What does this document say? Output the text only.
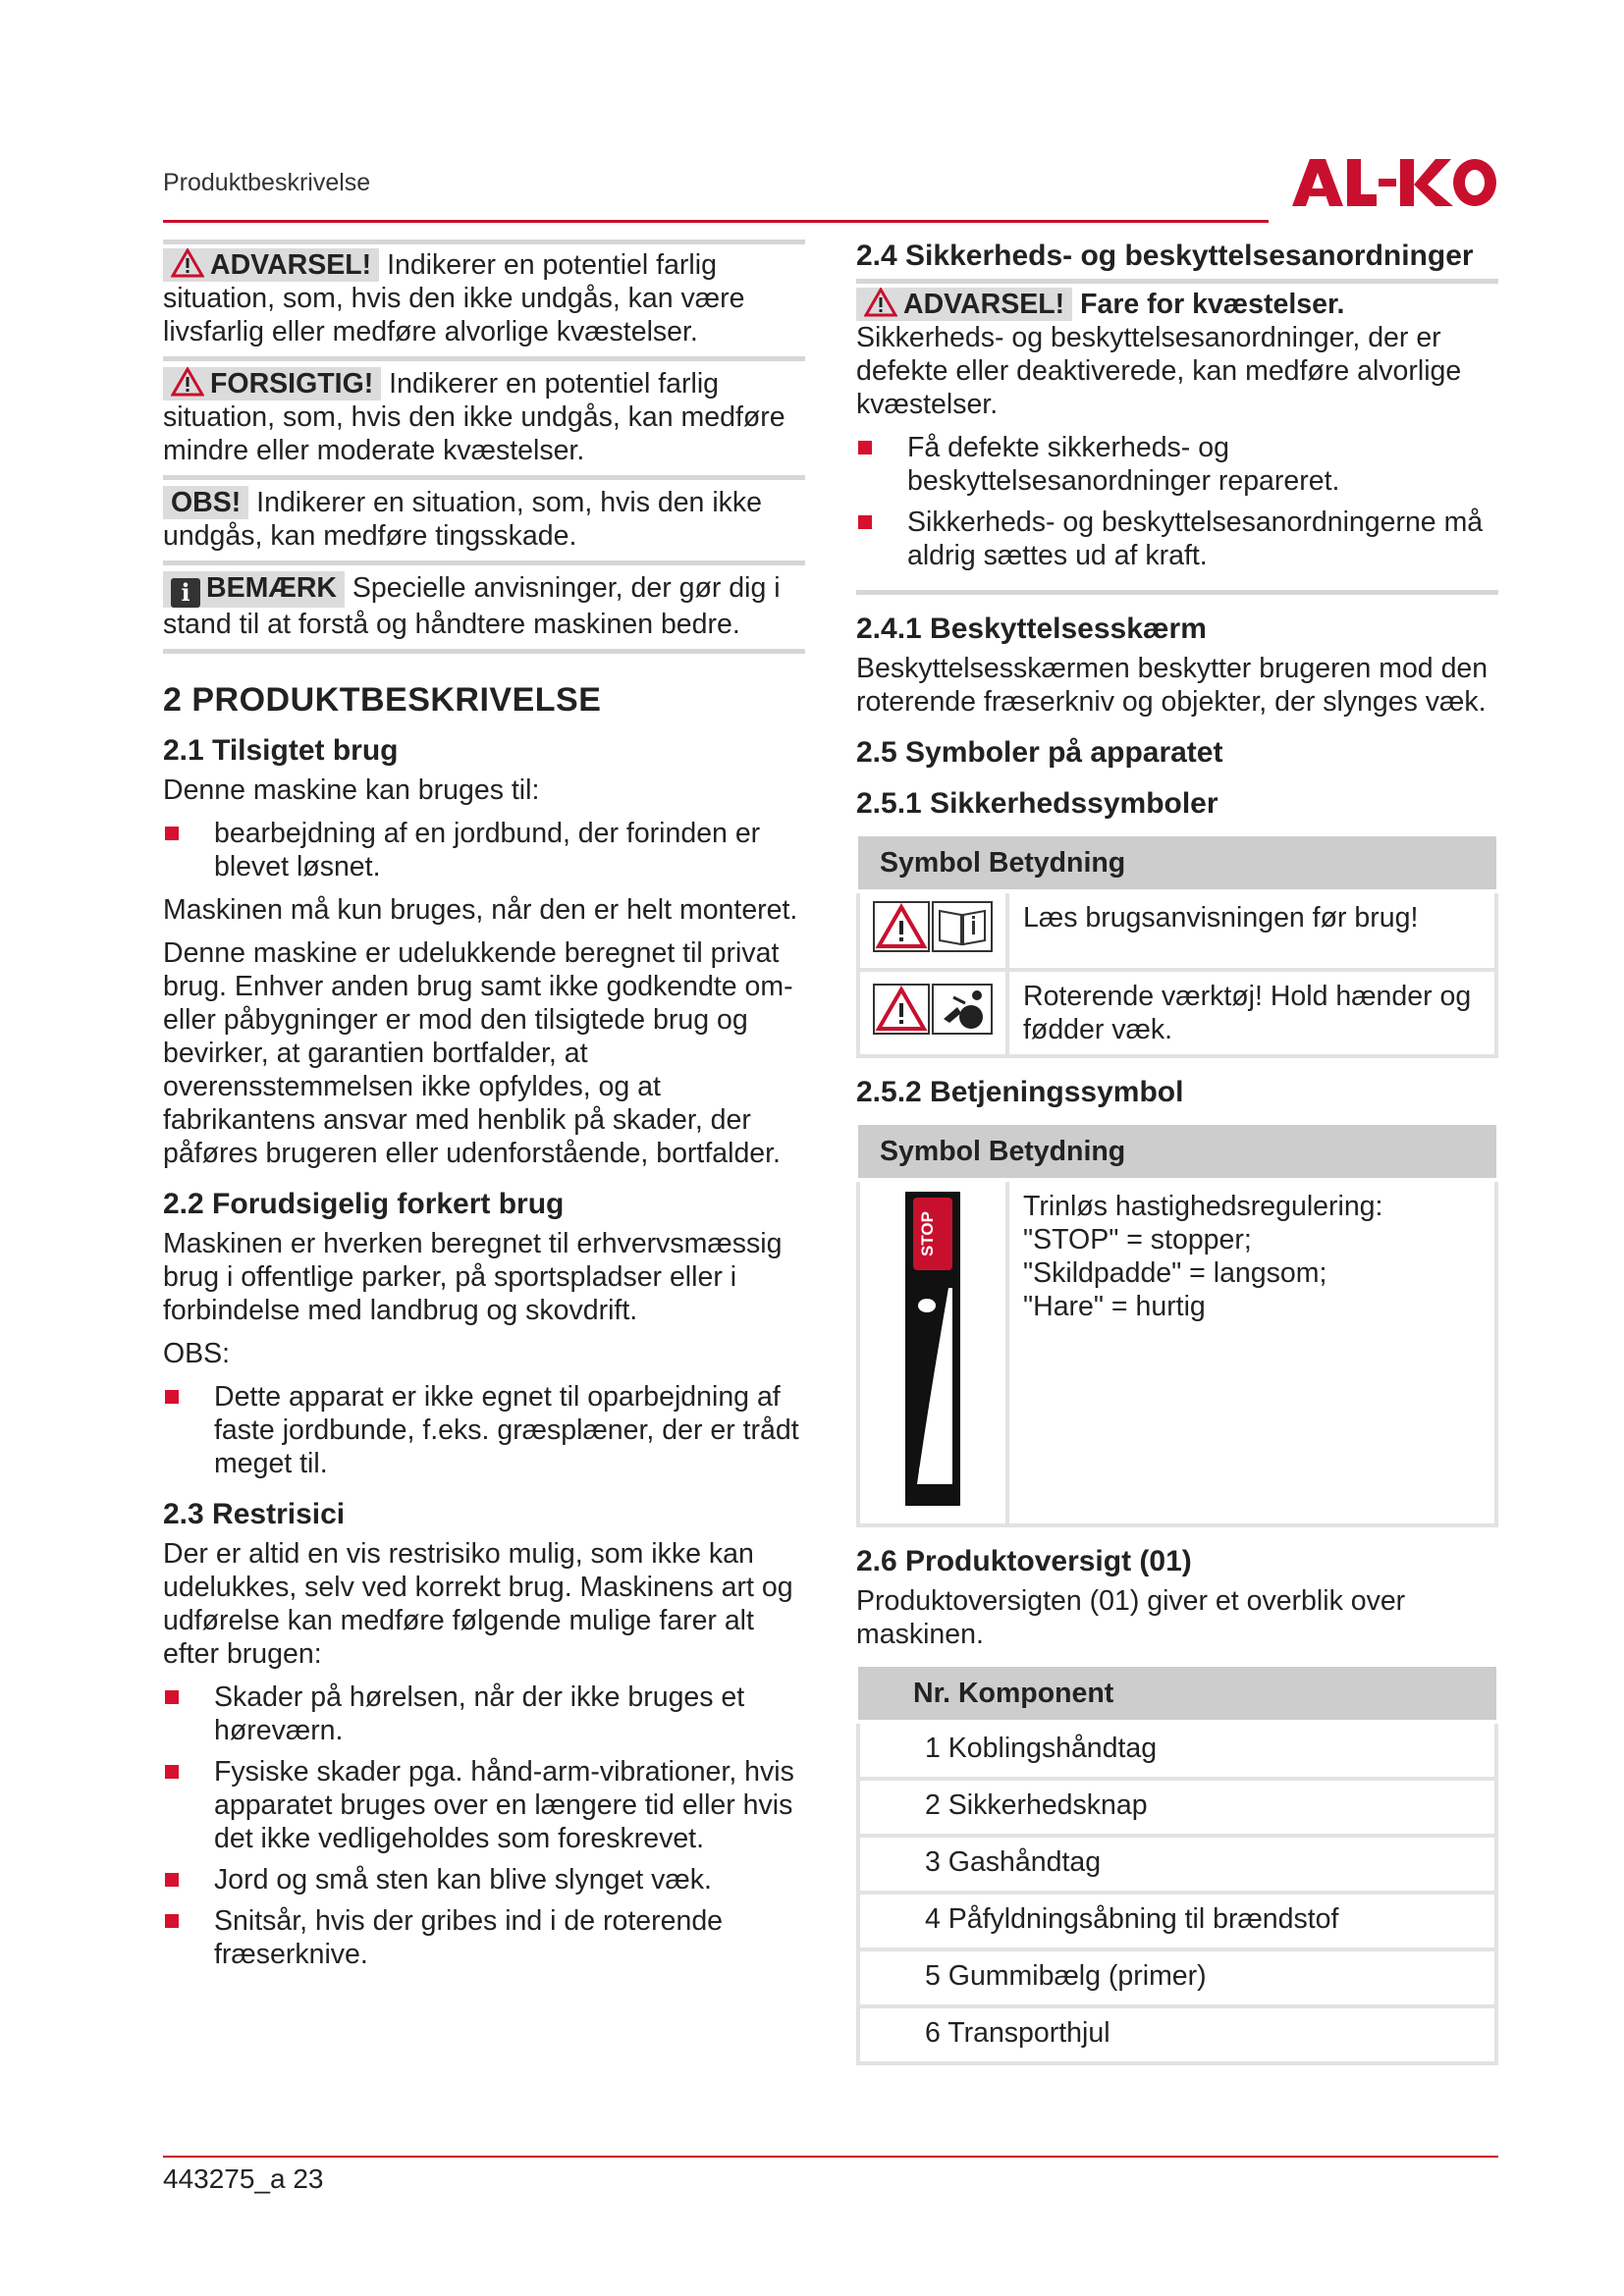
Produktbeskrivelse

ADVARSEL! Indikerer en potentiel farlig situation, som, hvis den ikke undgås, kan være livsfarlig eller medføre alvorlige kvæstelser.

FORSIGTIG! Indikerer en potentiel farlig situation, som, hvis den ikke undgås, kan medføre mindre eller moderate kvæstelser.

OBS! Indikerer en situation, som, hvis den ikke undgås, kan medføre tingsskade.

i BEMÆRK Specielle anvisninger, der gør dig i stand til at forstå og håndtere maskinen bedre.

2 PRODUKTBESKRIVELSE
2.1 Tilsigtet brug

Denne maskine kan bruges til:

bearbejdning af en jordbund, der forinden er blevet løsnet.

Maskinen må kun bruges, når den er helt monteret.

Denne maskine er udelukkende beregnet til privat brug. Enhver anden brug samt ikke godkendte om- eller påbygninger er mod den tilsigtede brug og bevirker, at garantien bortfalder, at overensstemmelsen ikke opfyldes, og at fabrikantens ansvar med henblik på skader, der påføres brugeren eller udenforstående, bortfalder.

2.2 Forudsigelig forkert brug

Maskinen er hverken beregnet til erhvervsmæssig brug i offentlige parker, på sportspladser eller i forbindelse med landbrug og skovdrift.

OBS:

Dette apparat er ikke egnet til oparbejdning af faste jordbunde, f.eks. græsplæner, der er trådt meget til.
2.3 Restrisici

Der er altid en vis restrisiko mulig, som ikke kan udelukkes, selv ved korrekt brug. Maskinens art og udførelse kan medføre følgende mulige farer alt efter brugen:

Skader på hørelsen, når der ikke bruges et høreværn.
Fysiske skader pga. hånd-arm-vibrationer, hvis apparatet bruges over en længere tid eller hvis det ikke vedligeholdes som foreskrevet.
Jord og små sten kan blive slynget væk.
Snitsår, hvis der gribes ind i de roterende fræserknive.
2.4 Sikkerheds- og beskyttelsesanordninger

ADVARSEL! Fare for kvæstelser. Sikkerheds- og beskyttelsesanordninger, der er defekte eller deaktiverede, kan medføre alvorlige kvæstelser.

Få defekte sikkerheds- og beskyttelsesanordninger repareret.
Sikkerheds- og beskyttelsesanordningerne må aldrig sættes ud af kraft.
2.4.1 Beskyttelsesskærm

Beskyttelsesskærmen beskytter brugeren mod den roterende fræserkniv og objekter, der slynges væk.

2.5 Symboler på apparatet
2.5.1 Sikkerhedssymboler
Symbol Betydning	

	Læs brugsanvisningen før brug!

	Roterende værktøj! Hold hænder og fødder væk.
2.5.2 Betjeningssymbol
Symbol Betydning

STOP

Trinløs hastighedsregulering:
"STOP" = stopper;
"Skildpadde" = langsom;
"Hare" = hurtig
2.6 Produktoversigt (01)

Produktoversigten (01) giver et overblik over maskinen.

Nr. Komponent
1 Koblingshåndtag
2 Sikkerhedsknap
3 Gashåndtag
4 Påfyldningsåbning til brændstof
5 Gummibælg (primer)
6 Transporthjul
443275_a 23
